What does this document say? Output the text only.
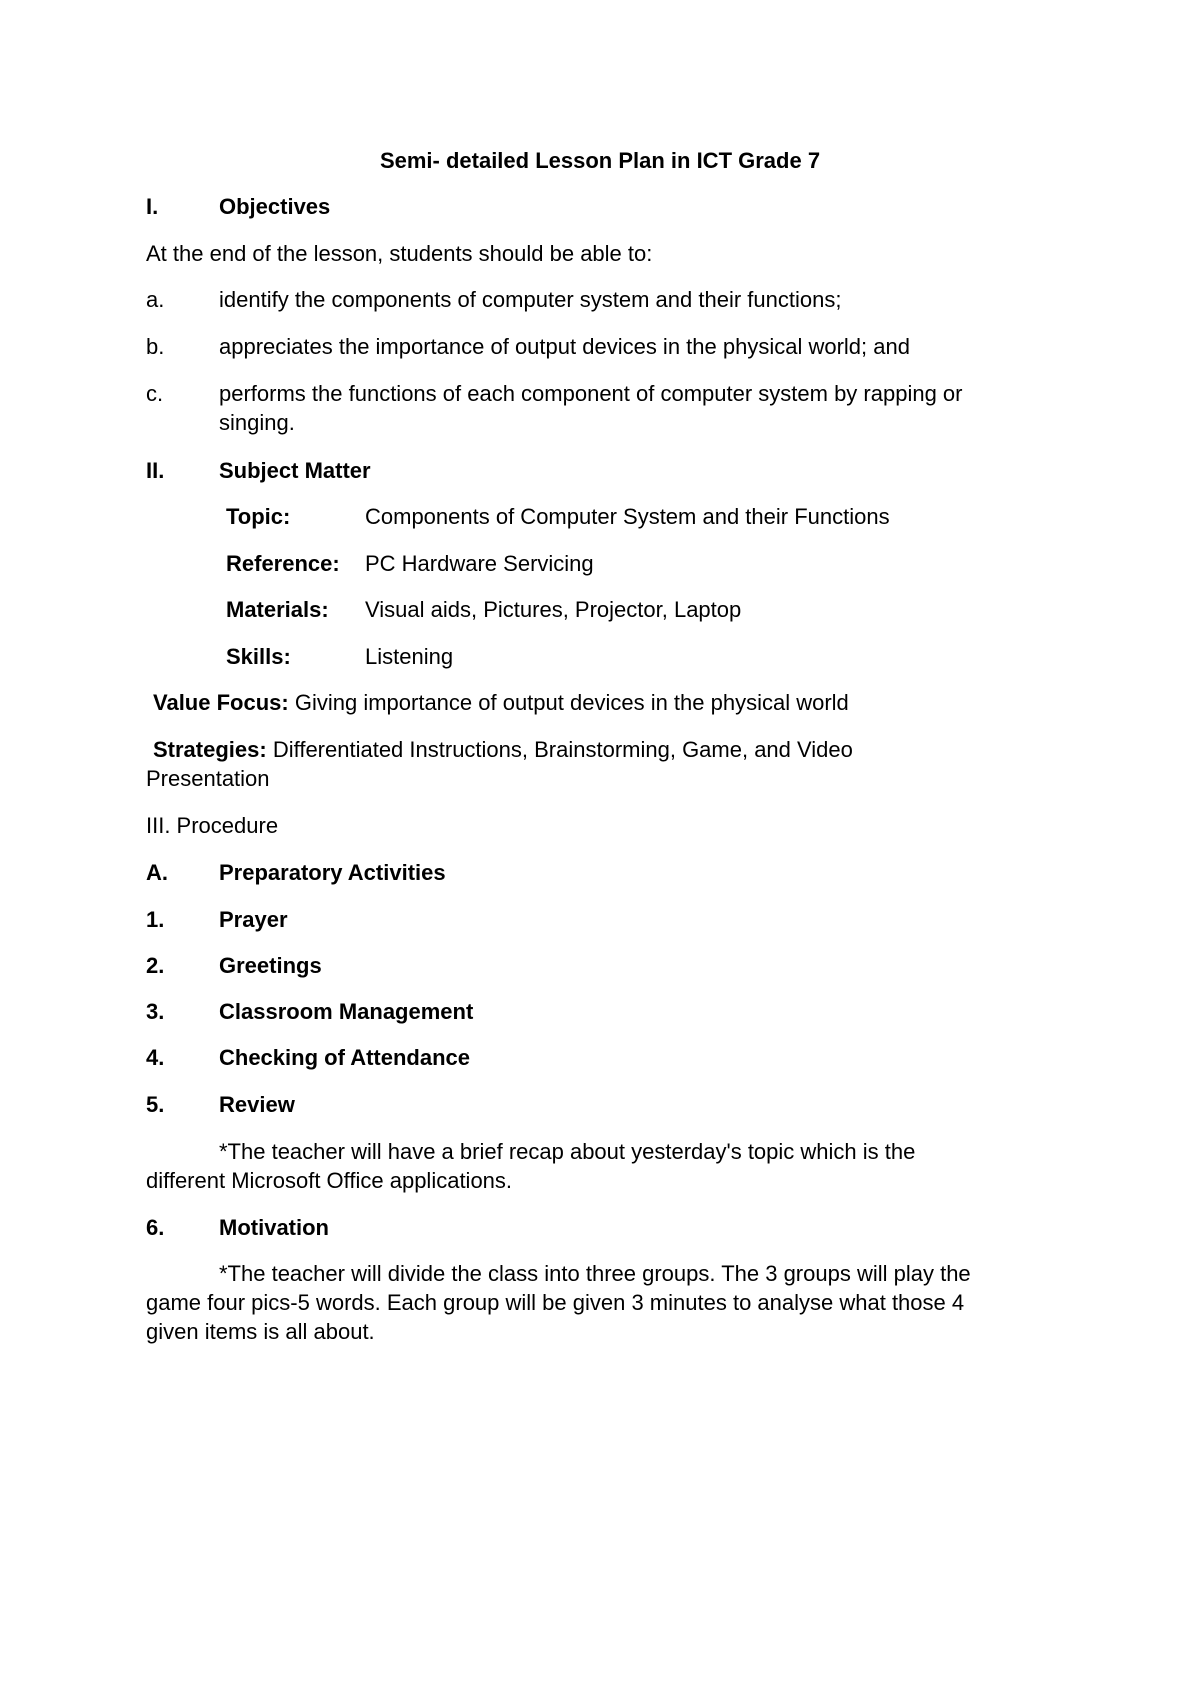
Semi- detailed Lesson Plan in ICT Grade 7
I.	Objectives
At the end of the lesson, students should be able to:
a. identify the components of computer system and their functions;
b. appreciates the importance of output devices in the physical world; and
c.	performs the functions of each component of computer system by rapping or
singing.
II. Subject Matter
Topic:	Components of Computer System and their Functions
Reference: PC Hardware Servicing
Materials: Visual aids, Pictures, Projector, Laptop
Skills:	Listening
Value Focus: Giving importance of output devices in the physical world
Strategies: Differentiated Instructions, Brainstorming, Game, and Video
Presentation
III. Procedure
A. Preparatory Activities
1. Prayer
2. Greetings
3. Classroom Management
4. Checking of Attendance
5. Review
*The teacher will have a brief recap about yesterday's topic which is the
different Microsoft Office applications.
6. Motivation
*The teacher will divide the class into three groups. The 3 groups will play the
game four pics-5 words. Each group will be given 3 minutes to analyse what those 4
given items is all about.
